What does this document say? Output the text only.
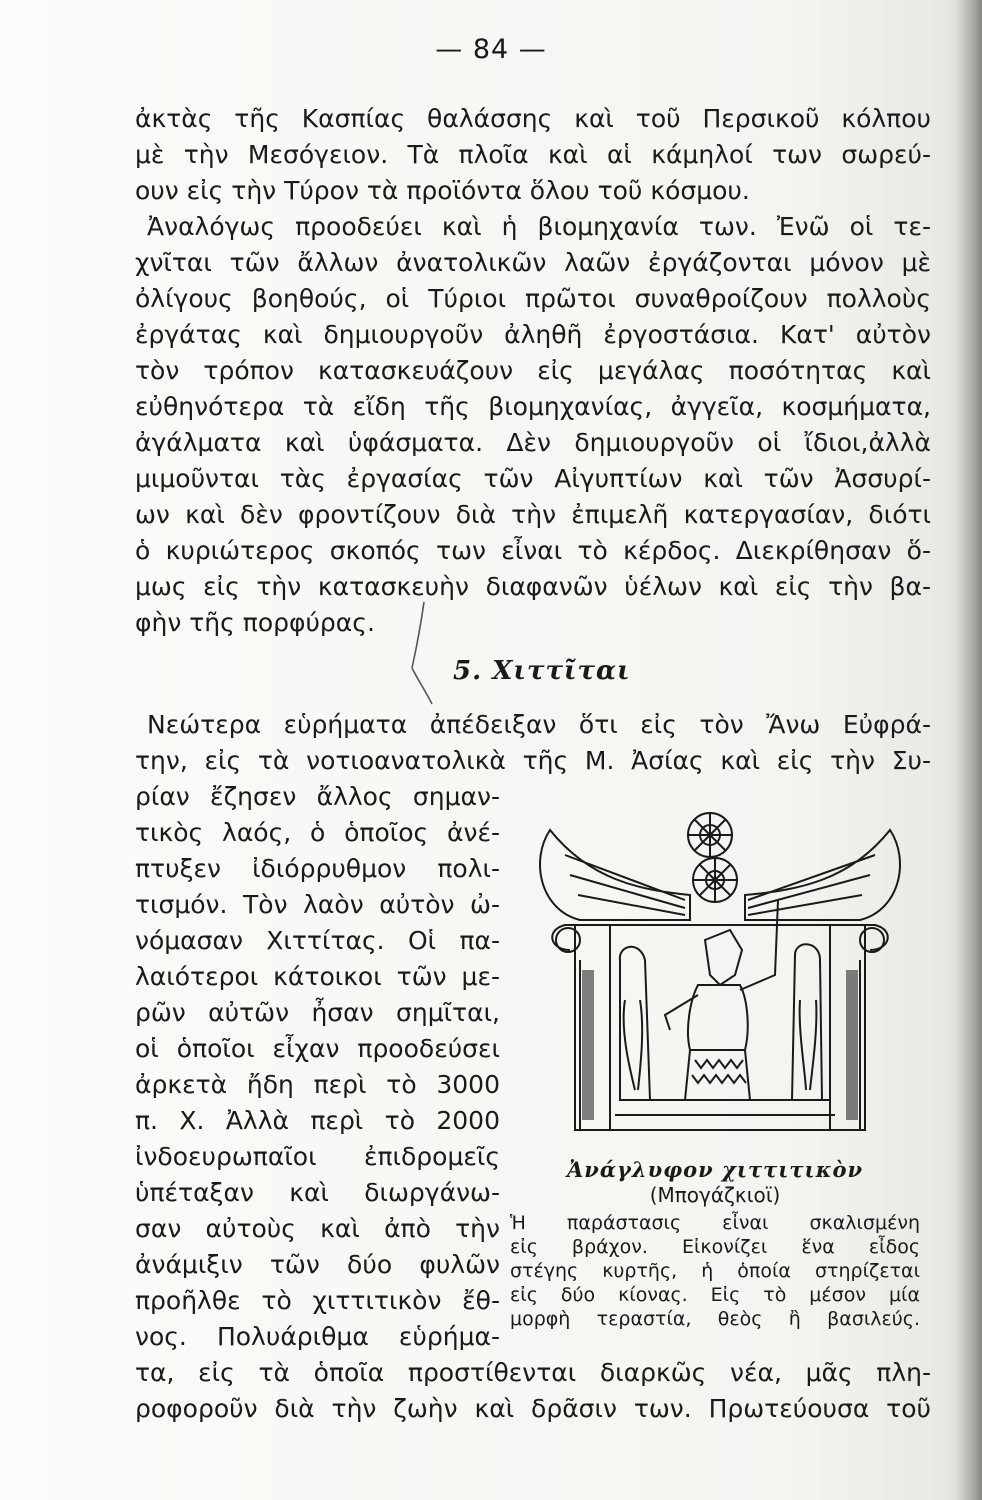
— 84 —
ἀκτὰς τῆς Κασπίας θαλάσσης καὶ τοῦ Περσικοῦ κόλπου
μὲ τὴν Μεσόγειον. Τὰ πλοῖα καὶ αἱ κάμηλοί των σωρεύ-
ουν εἰς τὴν Τύρον τὰ προϊόντα ὅλου τοῦ κόσμου.
Ἀναλόγως προοδεύει καὶ ἡ βιομηχανία των. Ἐνῶ οἱ τε-
χνῖται τῶν ἄλλων ἀνατολικῶν λαῶν ἐργάζονται μόνον μὲ
ὀλίγους βοηθούς, οἱ Τύριοι πρῶτοι συναθροίζουν πολλοὺς
ἐργάτας καὶ δημιουργοῦν ἀληθῆ ἐργοστάσια. Κατ' αὐτὸν
τὸν τρόπον κατασκευάζουν εἰς μεγάλας ποσότητας καὶ
εὐθηνότερα τὰ εἴδη τῆς βιομηχανίας, ἀγγεῖα, κοσμήματα,
ἀγάλματα καὶ ὑφάσματα. Δὲν δημιουργοῦν οἱ ἴδιοι,ἀλλὰ
μιμοῦνται τὰς ἐργασίας τῶν Αἰγυπτίων καὶ τῶν Ἀσσυρί-
ων καὶ δὲν φροντίζουν διὰ τὴν ἐπιμελῆ κατεργασίαν, διότι
ὁ κυριώτερος σκοπός των εἶναι τὸ κέρδος. Διεκρίθησαν ὅ-
μως εἰς τὴν κατασκευὴν διαφανῶν ὑέλων καὶ εἰς τὴν βα-
φὴν τῆς πορφύρας.
5. Χιττῖται
Νεώτερα εὑρήματα ἀπέδειξαν ὅτι εἰς τὸν Ἄνω Εὐφρά-
την, εἰς τὰ νοτιοανατολικὰ τῆς Μ. Ἀσίας καὶ εἰς τὴν Συ-
ρίαν ἔζησεν ἄλλος σημαν-
τικὸς λαός, ὁ ὁποῖος ἀνέ-
πτυξεν ἰδιόρρυθμον πολι-
τισμόν. Τὸν λαὸν αὐτὸν ὠ-
νόμασαν Χιττίτας. Οἱ πα-
λαιότεροι κάτοικοι τῶν με-
ρῶν αὐτῶν ἦσαν σημῖται,
οἱ ὁποῖοι εἶχαν προοδεύσει
ἀρκετὰ ἤδη περὶ τὸ 3000
π. Χ. Ἀλλὰ περὶ τὸ 2000
ἰνδοευρωπαῖοι ἐπιδρομεῖς
ὑπέταξαν καὶ διωργάνω-
σαν αὐτοὺς καὶ ἀπὸ τὴν
ἀνάμιξιν τῶν δύο φυλῶν
προῆλθε τὸ χιττιτικὸν ἔθ-
νος. Πολυάριθμα εὑρήμα-
τα, εἰς τὰ ὁποῖα προστίθενται διαρκῶς νέα, μᾶς πλη-
ροφοροῦν διὰ τὴν ζωὴν καὶ δρᾶσιν των. Πρωτεύουσα τοῦ
Ἀνάγλυφον χιττιτικὸν
(Μπογάζκιοϊ)
Ἡ παράστασις εἶναι σκαλισμένη
εἰς βράχον. Εἰκονίζει ἕνα εἶδος
στέγης κυρτῆς, ἡ ὁποία στηρίζεται
εἰς δύο κίονας. Εἰς τὸ μέσον μία
μορφὴ τεραστία, θεὸς ἢ βασιλεύς.
